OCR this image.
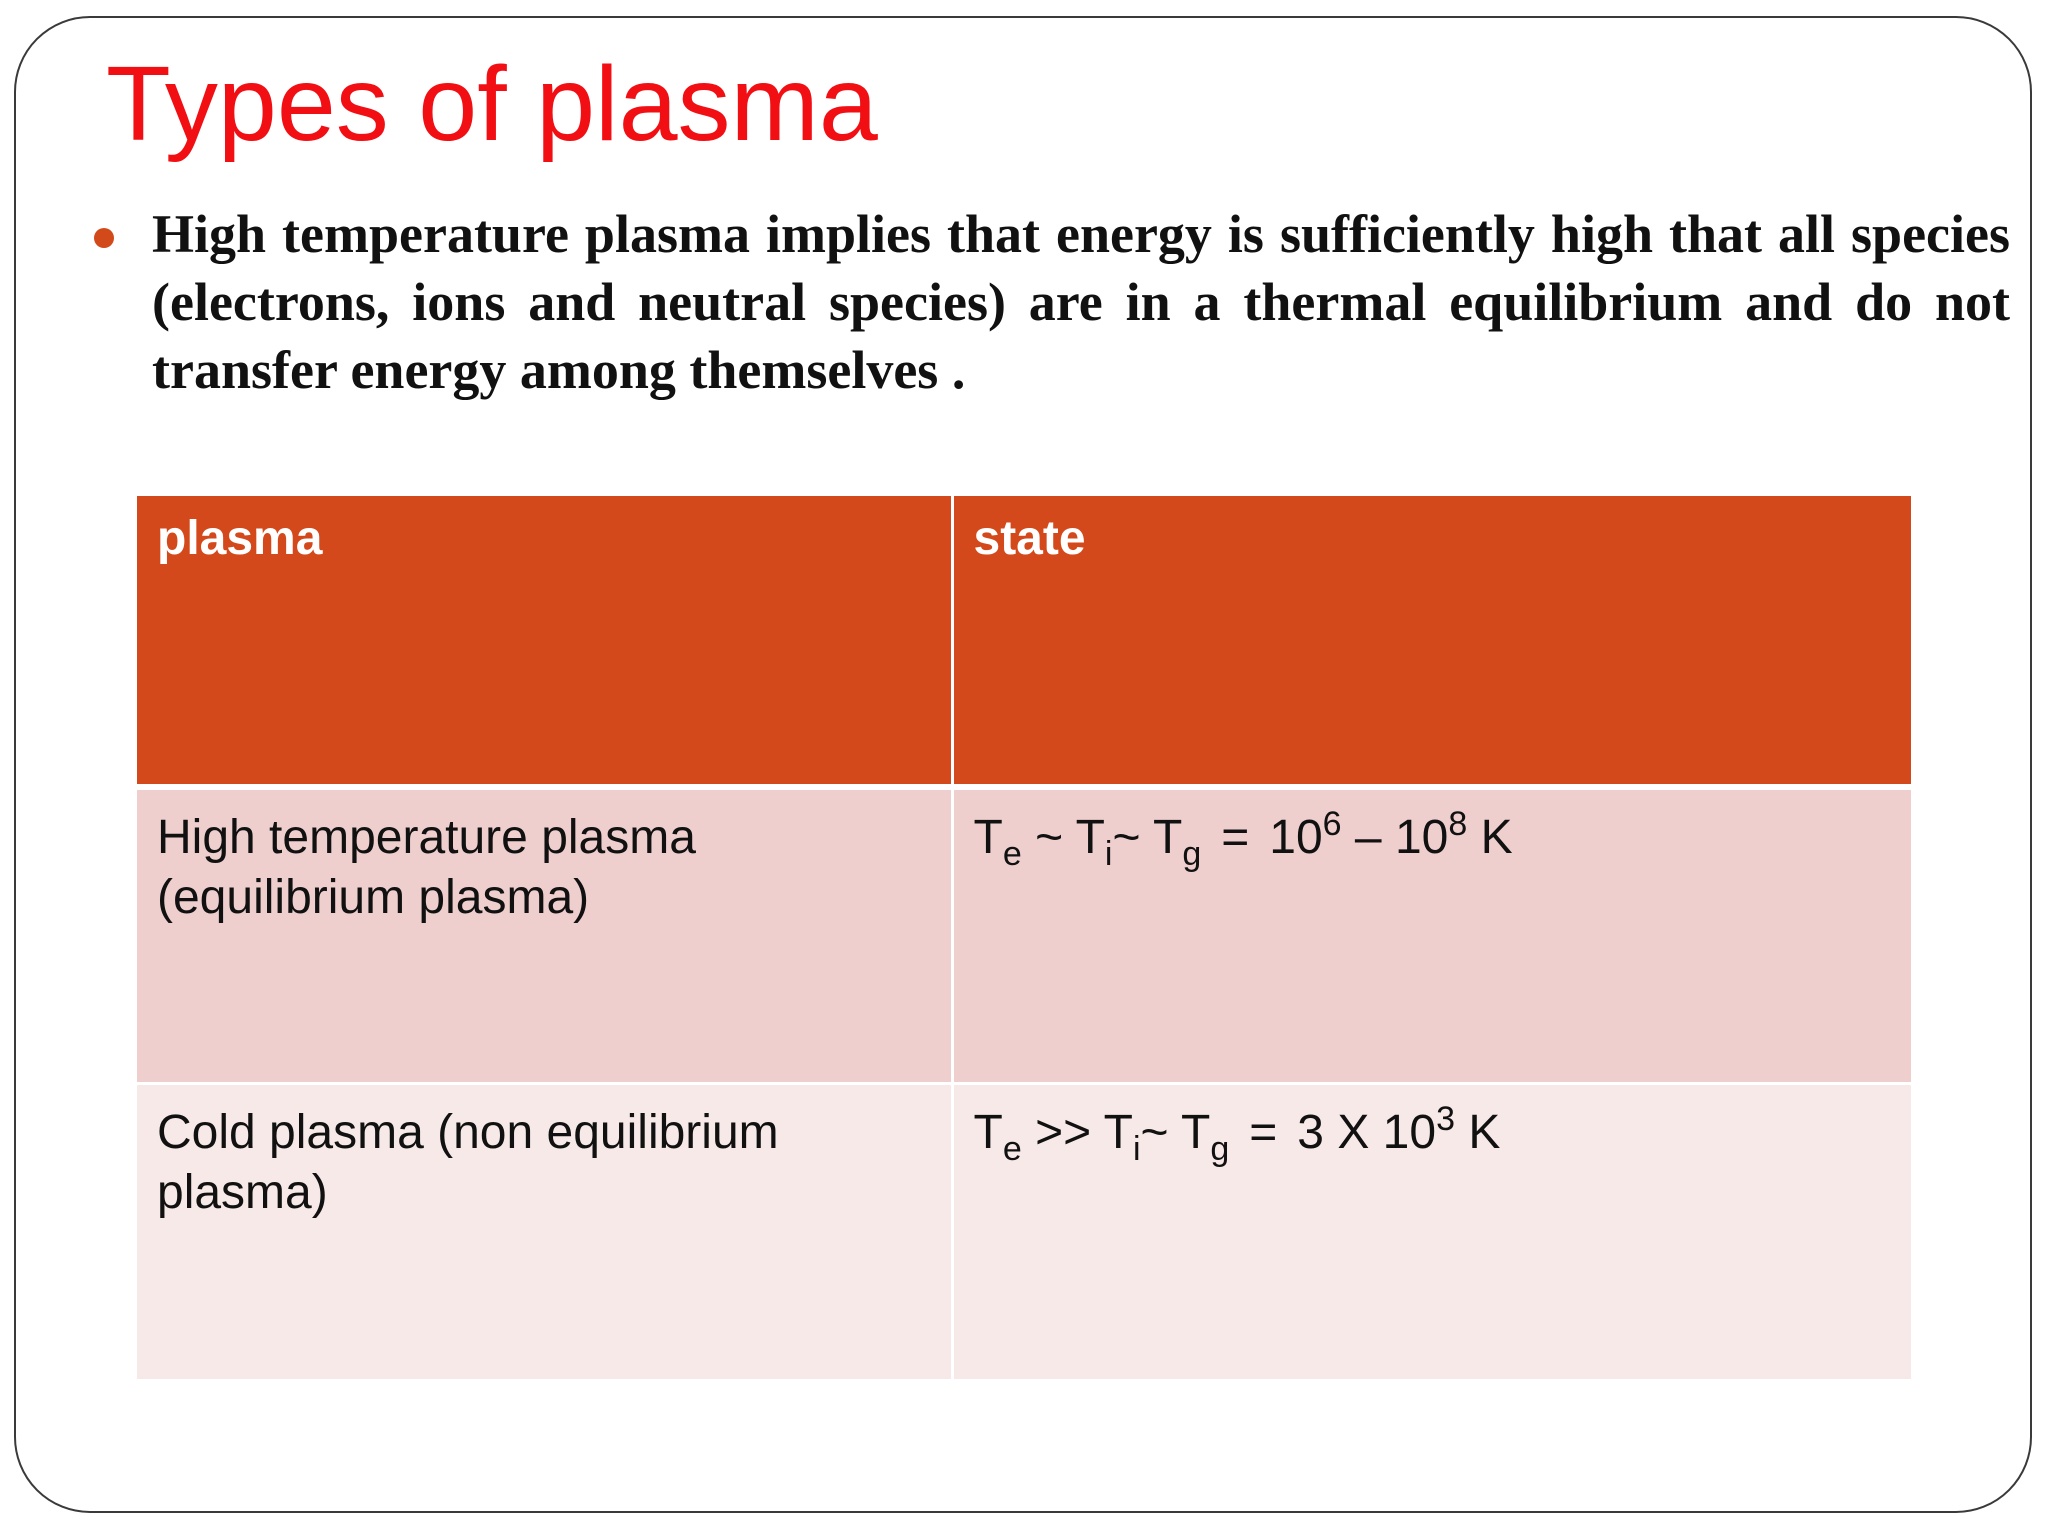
Types of plasma

High temperature plasma implies that energy is sufficiently high that all species (electrons, ions and neutral species) are in a thermal equilibrium and do not transfer energy among themselves .

plasma	state
High temperature plasma (equilibrium plasma)	$T_e$ ~ $T_i\sim$ $T_g = 10^6 - 10^8$ K
Cold plasma (non equilibrium plasma)	$T_e$ >> $T_i\sim$ $T_g = 3$ X $10^3$ K
